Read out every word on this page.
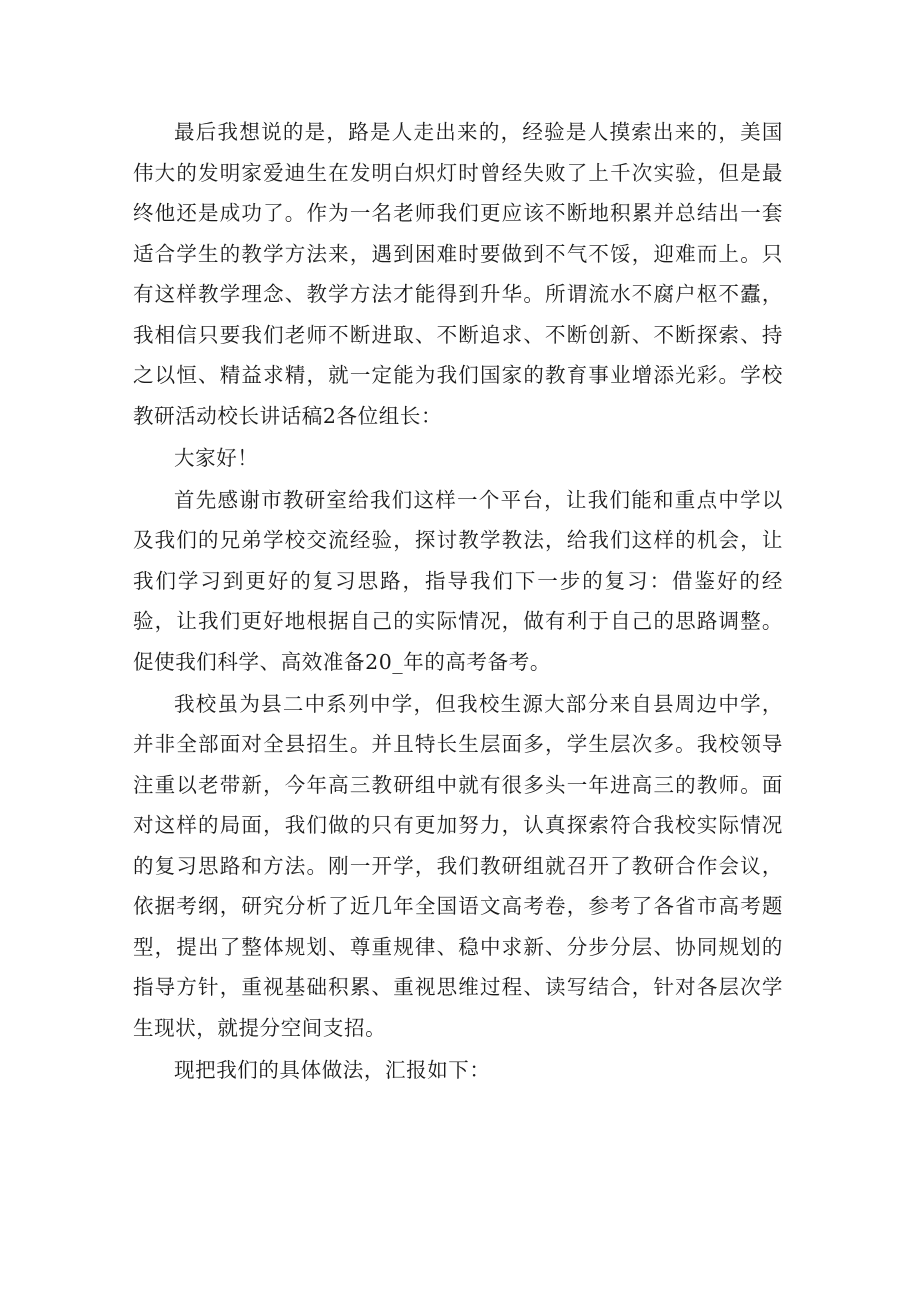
最后我想说的是，路是人走出来的，经验是人摸索出来的，美国伟大的发明家爱迪生在发明白炽灯时曾经失败了上千次实验，但是最终他还是成功了。作为一名老师我们更应该不断地积累并总结出一套适合学生的教学方法来，遇到困难时要做到不气不馁，迎难而上。只有这样教学理念、教学方法才能得到升华。所谓流水不腐户枢不蠹，我相信只要我们老师不断进取、不断追求、不断创新、不断探索、持之以恒、精益求精，就一定能为我们国家的教育事业增添光彩。学校教研活动校长讲话稿2各位组长：

大家好！

首先感谢市教研室给我们这样一个平台，让我们能和重点中学以及我们的兄弟学校交流经验，探讨教学教法，给我们这样的机会，让我们学习到更好的复习思路，指导我们下一步的复习：借鉴好的经验，让我们更好地根据自己的实际情况，做有利于自己的思路调整。促使我们科学、高效准备20_年的高考备考。

我校虽为县二中系列中学，但我校生源大部分来自县周边中学，并非全部面对全县招生。并且特长生层面多，学生层次多。我校领导注重以老带新，今年高三教研组中就有很多头一年进高三的教师。面对这样的局面，我们做的只有更加努力，认真探索符合我校实际情况的复习思路和方法。刚一开学，我们教研组就召开了教研合作会议，依据考纲，研究分析了近几年全国语文高考卷，参考了各省市高考题型，提出了整体规划、尊重规律、稳中求新、分步分层、协同规划的指导方针，重视基础积累、重视思维过程、读写结合，针对各层次学生现状，就提分空间支招。

现把我们的具体做法，汇报如下：
